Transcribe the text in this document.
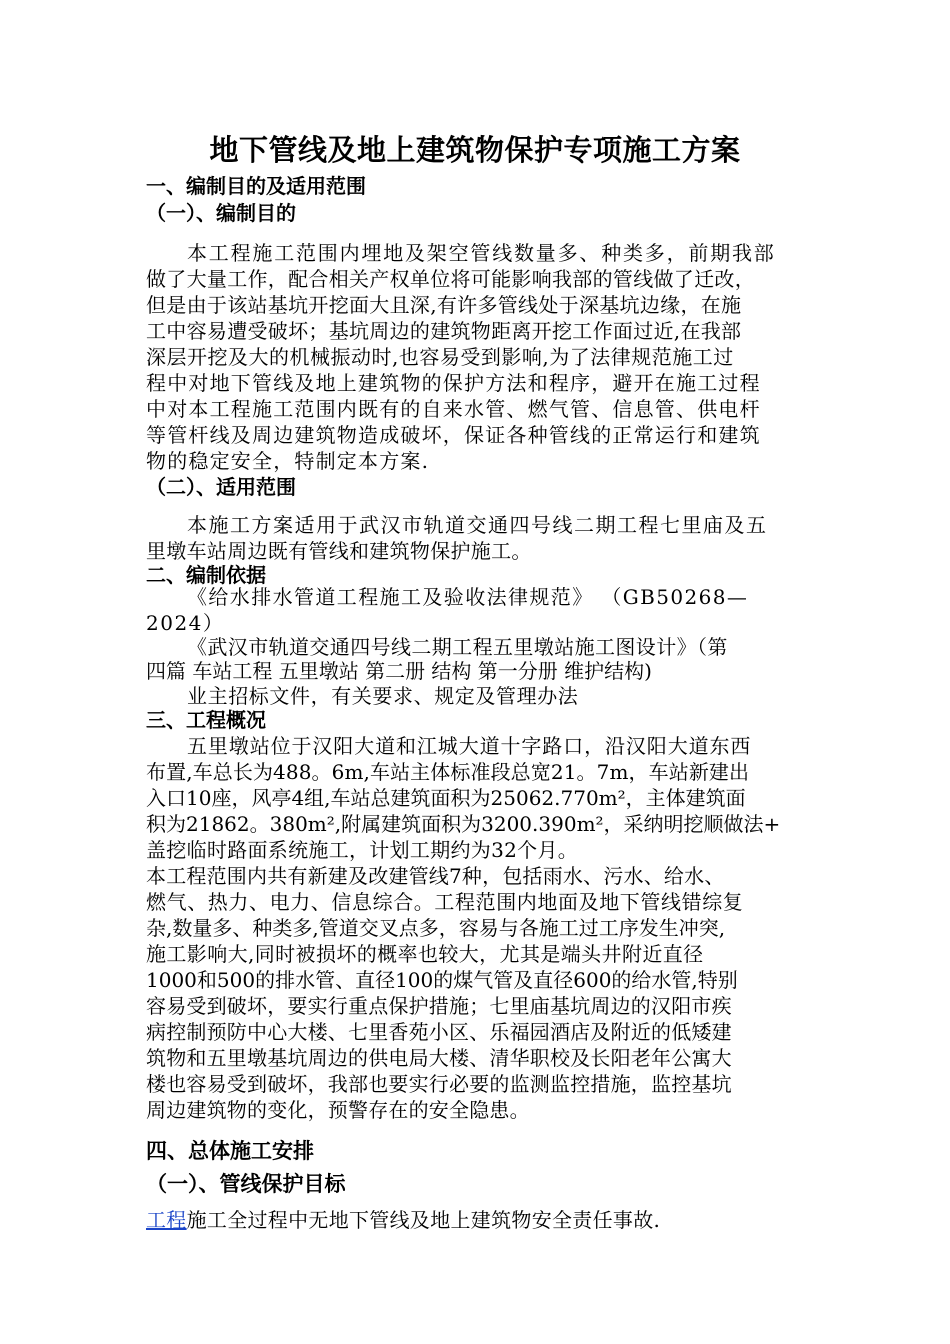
地下管线及地上建筑物保护专项施工方案
一、编制目的及适用范围
（一）、编制目的
本工程施工范围内埋地及架空管线数量多、种类多，前期我部
做了大量工作，配合相关产权单位将可能影响我部的管线做了迁改，
但是由于该站基坑开挖面大且深,有许多管线处于深基坑边缘，在施
工中容易遭受破坏；基坑周边的建筑物距离开挖工作面过近,在我部
深层开挖及大的机械振动时,也容易受到影响,为了法律规范施工过
程中对地下管线及地上建筑物的保护方法和程序，避开在施工过程
中对本工程施工范围内既有的自来水管、燃气管、信息管、供电杆
等管杆线及周边建筑物造成破坏，保证各种管线的正常运行和建筑
物的稳定安全，特制定本方案.
（二）、适用范围
本施工方案适用于武汉市轨道交通四号线二期工程七里庙及五
里墩车站周边既有管线和建筑物保护施工。
二、编制依据
《给水排水管道工程施工及验收法律规范》 （GB50268—
2024）
《武汉市轨道交通四号线二期工程五里墩站施工图设计》（第
四篇 车站工程 五里墩站 第二册 结构 第一分册 维护结构)
业主招标文件，有关要求、规定及管理办法
三、工程概况
五里墩站位于汉阳大道和江城大道十字路口，沿汉阳大道东西
布置,车总长为488。6m,车站主体标准段总宽21。7m，车站新建出
入口10座，风亭4组,车站总建筑面积为25062.770m²，主体建筑面
积为21862。380m²,附属建筑面积为3200.390m²，采纳明挖顺做法+
盖挖临时路面系统施工，计划工期约为32个月。
本工程范围内共有新建及改建管线7种，包括雨水、污水、给水、
燃气、热力、电力、信息综合。工程范围内地面及地下管线错综复
杂,数量多、种类多,管道交叉点多，容易与各施工过工序发生冲突,
施工影响大,同时被损坏的概率也较大，尤其是端头井附近直径
1000和500的排水管、直径100的煤气管及直径600的给水管,特别
容易受到破坏，要实行重点保护措施；七里庙基坑周边的汉阳市疾
病控制预防中心大楼、七里香苑小区、乐福园酒店及附近的低矮建
筑物和五里墩基坑周边的供电局大楼、清华职校及长阳老年公寓大
楼也容易受到破坏，我部也要实行必要的监测监控措施，监控基坑
周边建筑物的变化，预警存在的安全隐患。
四、总体施工安排
（一）、管线保护目标
工程施工全过程中无地下管线及地上建筑物安全责任事故.
